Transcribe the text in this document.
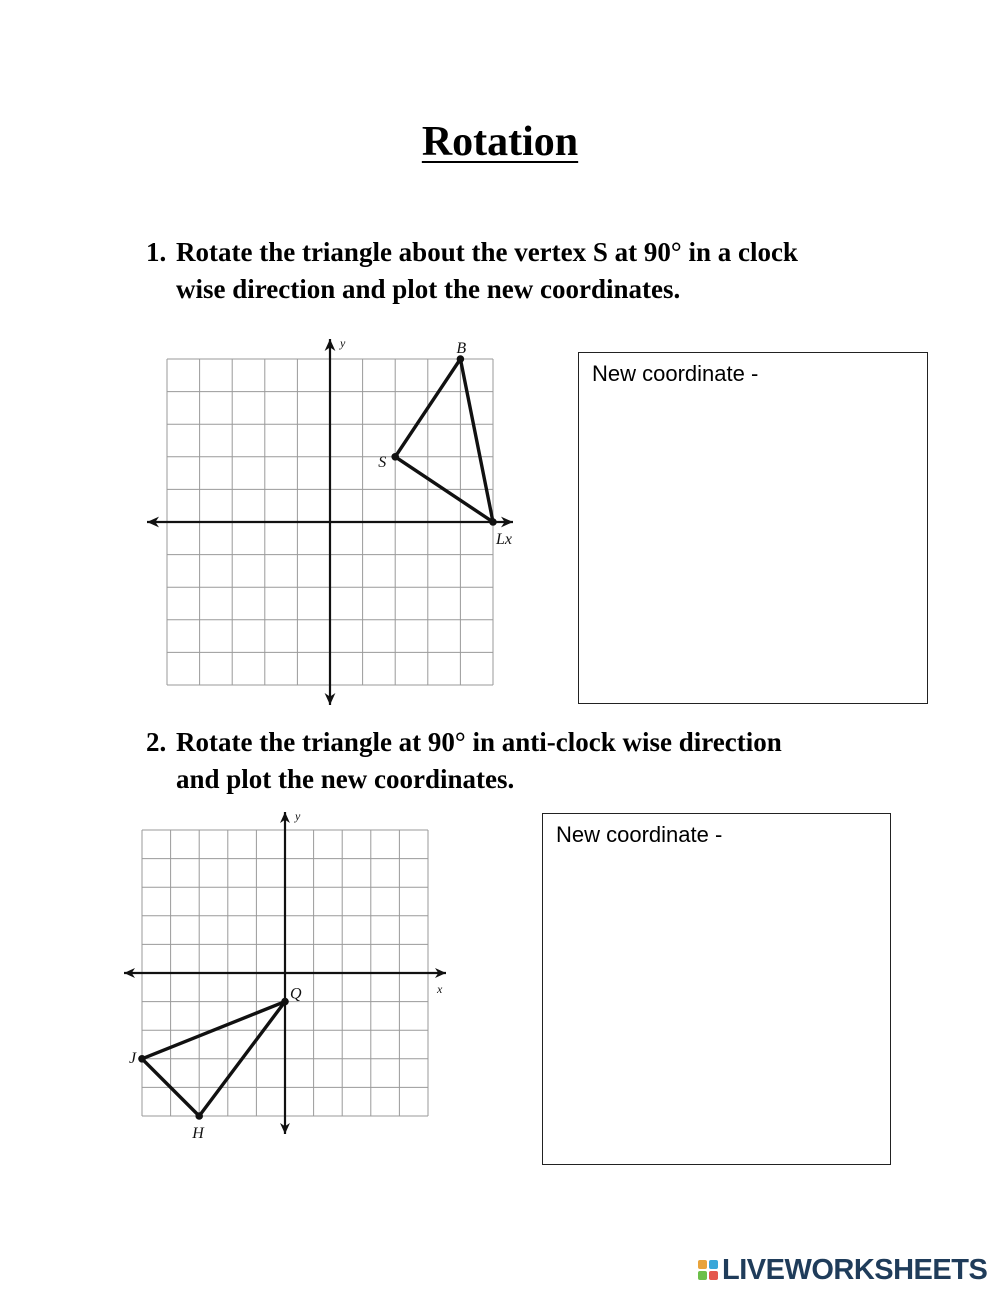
Rotation
1. Rotate the triangle about the vertex S at 90° in a clock
wise direction and plot the new coordinates.
y	B
S
Lx
New coordinate -
2. Rotate the triangle at 90° in anti-clock wise direction
and plot the new coordinates.
y
x
Q
J
H
New coordinate -
LIVEWORKSHEETS
